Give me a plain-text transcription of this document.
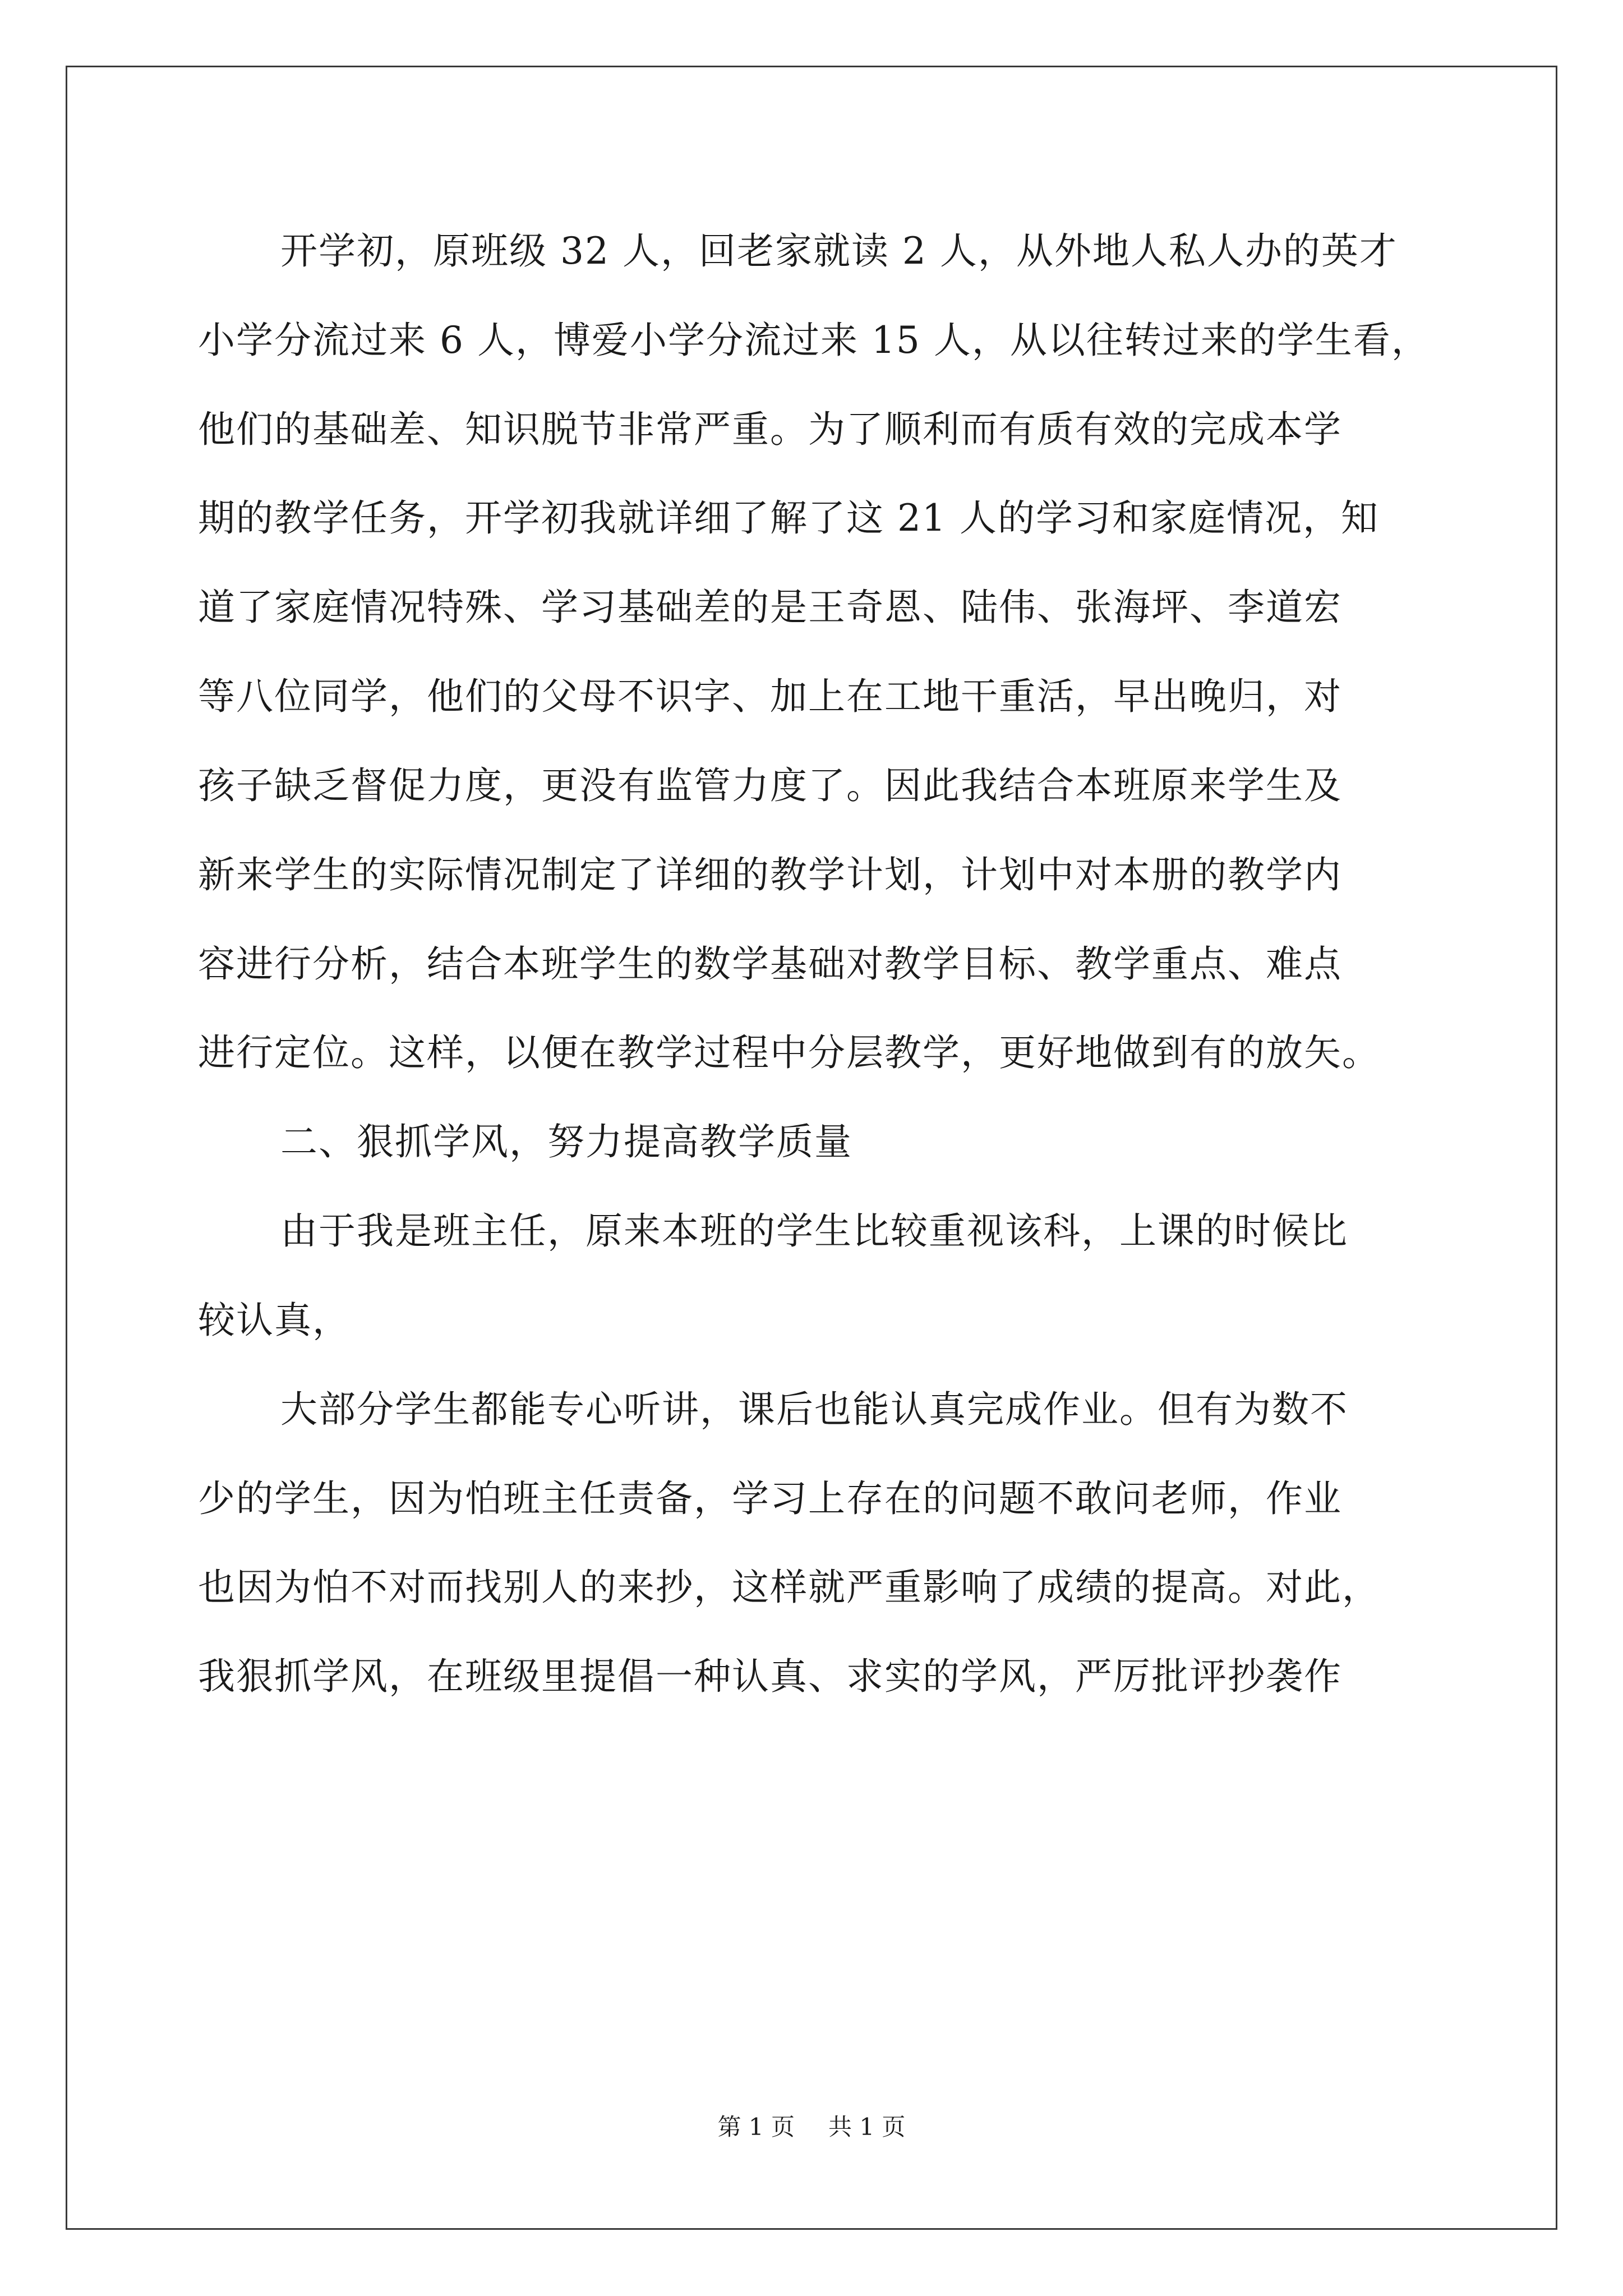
开学初，原班级 32 人，回老家就读 2 人，从外地人私人办的英才
小学分流过来 6 人，博爱小学分流过来 15 人，从以往转过来的学生看，
他们的基础差、知识脱节非常严重。为了顺利而有质有效的完成本学
期的教学任务，开学初我就详细了解了这 21 人的学习和家庭情况，知
道了家庭情况特殊、学习基础差的是王奇恩、陆伟、张海坪、李道宏
等八位同学，他们的父母不识字、加上在工地干重活，早出晚归，对
孩子缺乏督促力度，更没有监管力度了。因此我结合本班原来学生及
新来学生的实际情况制定了详细的教学计划，计划中对本册的教学内
容进行分析，结合本班学生的数学基础对教学目标、教学重点、难点
进行定位。这样，以便在教学过程中分层教学，更好地做到有的放矢。
二、狠抓学风，努力提高教学质量
由于我是班主任，原来本班的学生比较重视该科，上课的时候比
较认真，
大部分学生都能专心听讲，课后也能认真完成作业。但有为数不
少的学生，因为怕班主任责备，学习上存在的问题不敢问老师，作业
也因为怕不对而找别人的来抄，这样就严重影响了成绩的提高。对此，
我狠抓学风，在班级里提倡一种认真、求实的学风，严厉批评抄袭作
第 1 页 共 1 页
